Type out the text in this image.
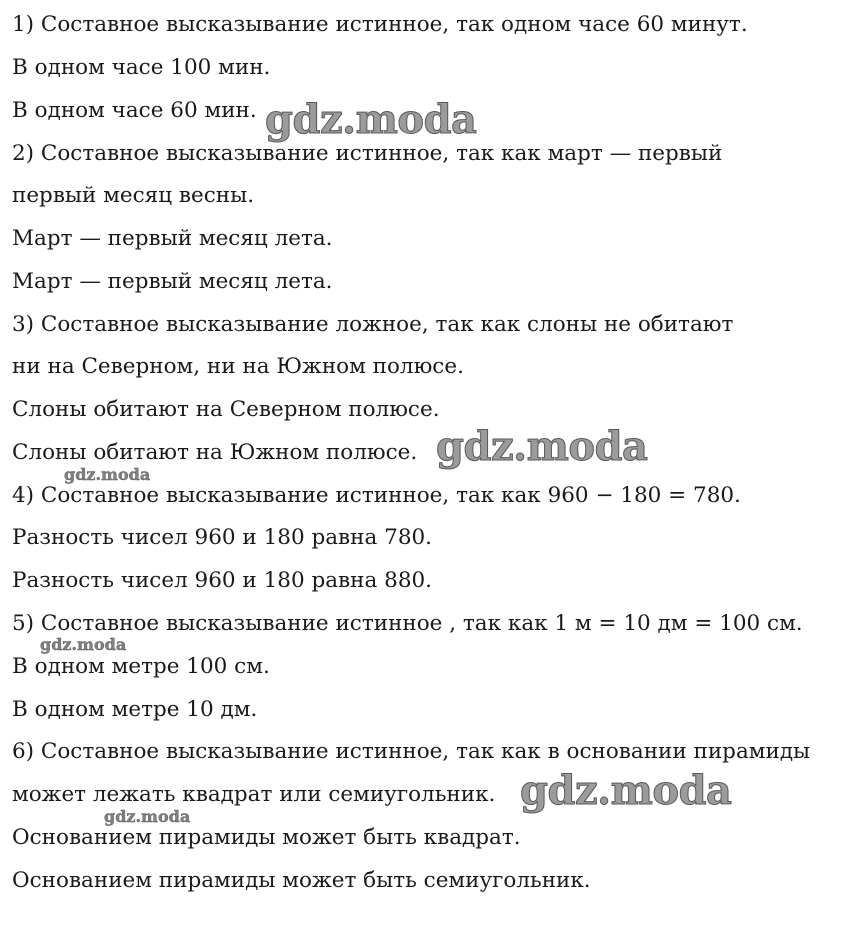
1) Составное высказывание истинное, так одном часе 60 минут.
В одном часе 100 мин.
В одном часе 60 мин.
2) Составное высказывание истинное, так как март — первый
первый месяц весны.
Март — первый месяц лета.
Март — первый месяц лета.
3) Составное высказывание ложное, так как слоны не обитают
ни на Северном, ни на Южном полюсе.
Слоны обитают на Северном полюсе.
Слоны обитают на Южном полюсе.
4) Составное высказывание истинное, так как 960 − 180 = 780.
Разность чисел 960 и 180 равна 780.
Разность чисел 960 и 180 равна 880.
5) Составное высказывание истинное , так как 1 м = 10 дм = 100 см.
В одном метре 100 см.
В одном метре 10 дм.
6) Составное высказывание истинное, так как в основании пирамиды
может лежать квадрат или семиугольник.
Основанием пирамиды может быть квадрат.
Основанием пирамиды может быть семиугольник.
gdz.moda
gdz.moda
gdz.moda
gdz.moda
gdz.moda
gdz.moda
